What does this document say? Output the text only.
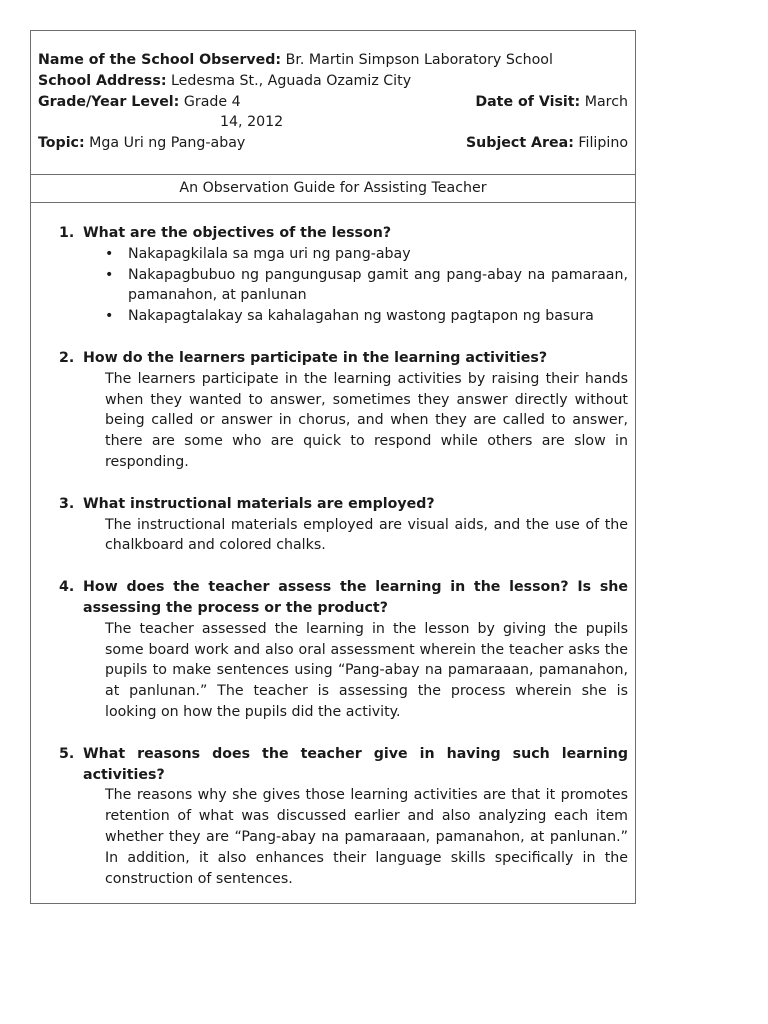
Name of the School Observed: Br. Martin Simpson Laboratory School
School Address: Ledesma St., Aguada Ozamiz City
Grade/Year Level: Grade 4	Date of Visit: March
14, 2012
Topic: Mga Uri ng Pang-abay	Subject Area: Filipino
An Observation Guide for Assisting Teacher
1. What are the objectives of the lesson?
• Nakapagkilala sa mga uri ng pang-abay
• Nakapagbubuo ng pangungusap gamit ang pang-abay na pamaraan, pamanahon, at panlunan
• Nakapagtalakay sa kahalagahan ng wastong pagtapon ng basura
2. How do the learners participate in the learning activities?
The learners participate in the learning activities by raising their hands when they wanted to answer, sometimes they answer directly without being called or answer in chorus, and when they are called to answer, there are some who are quick to respond while others are slow in responding.
3. What instructional materials are employed?
The instructional materials employed are visual aids, and the use of the chalkboard and colored chalks.
4. How does the teacher assess the learning in the lesson? Is she assessing the process or the product?
The teacher assessed the learning in the lesson by giving the pupils some board work and also oral assessment wherein the teacher asks the pupils to make sentences using “Pang-abay na pamaraaan, pamanahon, at panlunan.” The teacher is assessing the process wherein she is looking on how the pupils did the activity.
5. What reasons does the teacher give in having such learning activities?
The reasons why she gives those learning activities are that it promotes retention of what was discussed earlier and also analyzing each item whether they are “Pang-abay na pamaraaan, pamanahon, at panlunan.” In addition, it also enhances their language skills specifically in the construction of sentences.
